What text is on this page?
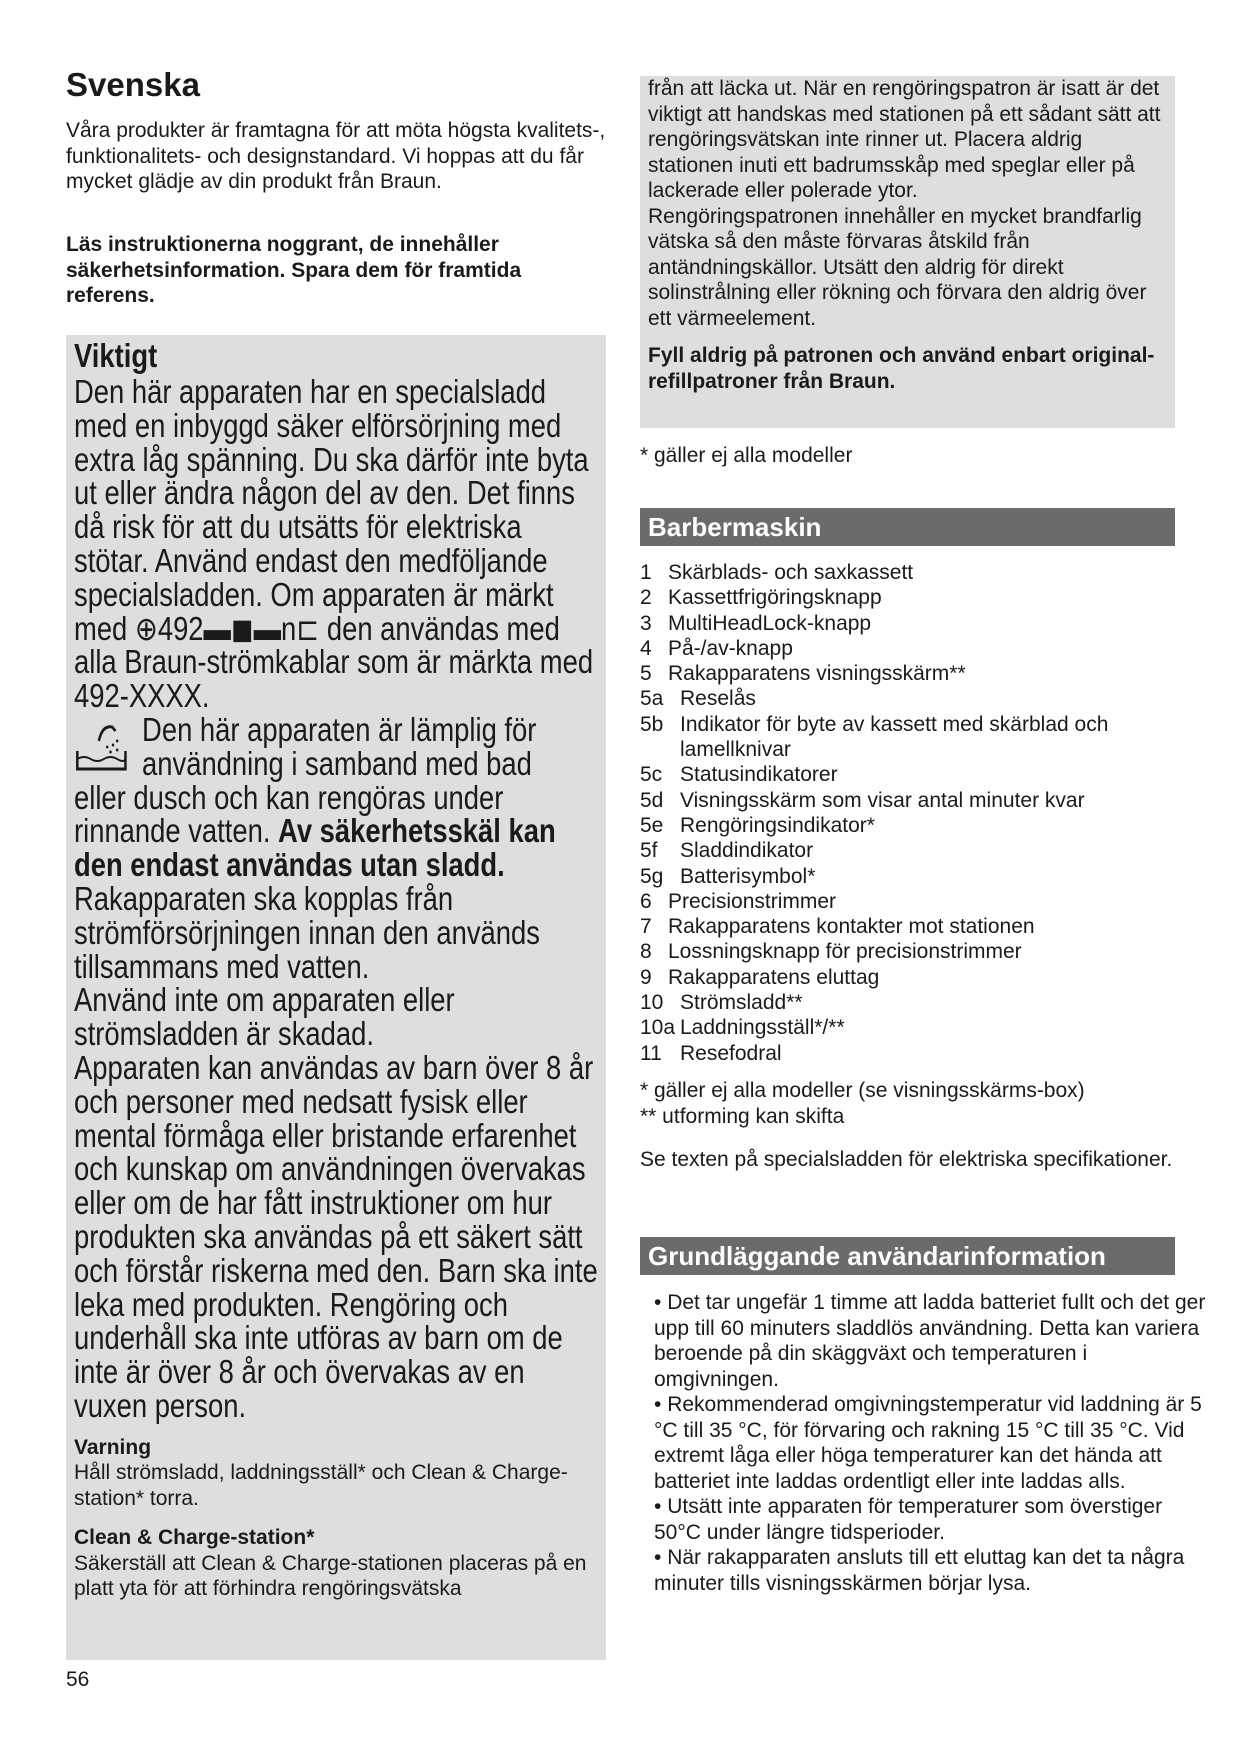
Svenska

Våra produkter är framtagna för att möta högsta kvalitets-, funktionalitets- och designstandard. Vi hoppas att du får mycket glädje av din produkt från Braun.

Läs instruktionerna noggrant, de innehåller säkerhetsinformation. Spara dem för framtida referens.

Viktigt

Den här apparaten har en specialsladd med en inbyggd säker elförsörjning med extra låg spänning. Du ska därför inte byta ut eller ändra någon del av den. Det finns då risk för att du utsätts för elektriska stötar. Använd endast den medföljande specialsladden. Om apparaten är märkt med ⊕492▬◼▬n⊏ den användas med alla Braun-strömkablar som är märkta med 492-XXXX.

Den här apparaten är lämplig för användning i samband med bad

eller dusch och kan rengöras under rinnande vatten. Av säkerhetsskäl kan den endast användas utan sladd. Rakapparaten ska kopplas från strömförsörjningen innan den används tillsammans med vatten.

Använd inte om apparaten eller strömsladden är skadad.

Apparaten kan användas av barn över 8 år och personer med nedsatt fysisk eller mental förmåga eller bristande erfarenhet och kunskap om användningen övervakas eller om de har fått instruktioner om hur produkten ska användas på ett säkert sätt och förstår riskerna med den. Barn ska inte leka med produkten. Rengöring och underhåll ska inte utföras av barn om de inte är över 8 år och övervakas av en vuxen person.

Varning

Håll strömsladd, laddningsställ* och Clean & Charge-station* torra.

Clean & Charge-station*

Säkerställ att Clean & Charge-stationen placeras på en platt yta för att förhindra rengöringsvätska

56

från att läcka ut. När en rengöringspatron är isatt är det viktigt att handskas med stationen på ett sådant sätt att rengöringsvätskan inte rinner ut. Placera aldrig stationen inuti ett badrumsskåp med speglar eller på lackerade eller polerade ytor.

Rengöringspatronen innehåller en mycket brandfarlig vätska så den måste förvaras åtskild från antändningskällor. Utsätt den aldrig för direkt solinstrålning eller rökning och förvara den aldrig över ett värmeelement.

Fyll aldrig på patronen och använd enbart original-refillpatroner från Braun.

* gäller ej alla modeller

Barbermaskin
1 Skärblads- och saxkassett
2 Kassettfrigöringsknapp
3 MultiHeadLock-knapp
4 På-/av-knapp
5 Rakapparatens visningsskärm**
5a Reselås
5b Indikator för byte av kassett med skärblad och lamellknivar
5c Statusindikatorer
5d Visningsskärm som visar antal minuter kvar
5e Rengöringsindikator*
5f	Sladdindikator
5g Batterisymbol*
6 Precisionstrimmer
7 Rakapparatens kontakter mot stationen
8 Lossningsknapp för precisionstrimmer
9 Rakapparatens eluttag
10 Strömsladd**
10a Laddningsställ*/**
11 Resefodral

* gäller ej alla modeller (se visningsskärms-box)

** utforming kan skifta

Se texten på specialsladden för elektriska specifikationer.

Grundläggande användarinformation
• Det tar ungefär 1 timme att ladda batteriet fullt och det ger upp till 60 minuters sladdlös användning. Detta kan variera beroende på din skäggväxt och temperaturen i omgivningen.
• Rekommenderad omgivningstemperatur vid laddning är 5 °C till 35 °C, för förvaring och rakning 15 °C till 35 °C. Vid extremt låga eller höga temperaturer kan det hända att batteriet inte laddas ordentligt eller inte laddas alls.
• Utsätt inte apparaten för temperaturer som överstiger 50°C under längre tidsperioder.
• När rakapparaten ansluts till ett eluttag kan det ta några minuter tills visningsskärmen börjar lysa.
